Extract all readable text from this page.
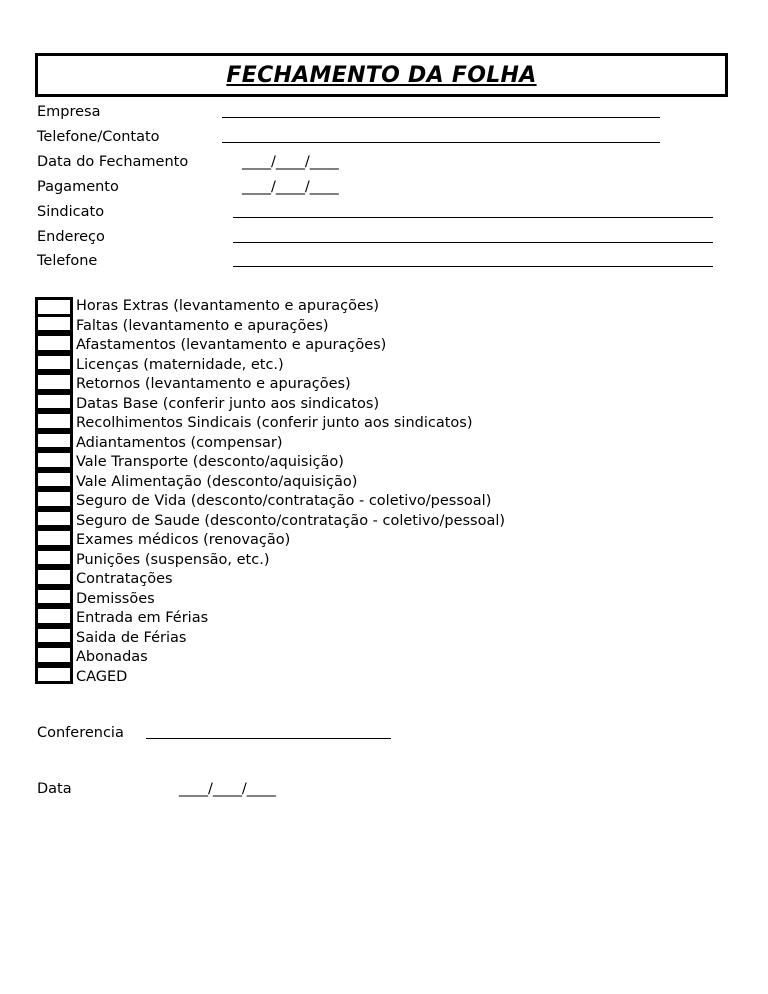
FECHAMENTO DA FOLHA
Empresa
Telefone/Contato
Data do Fechamento	____/____/____
Pagamento	____/____/____
Sindicato
Endereço
Telefone
Horas Extras (levantamento e apurações)
Faltas (levantamento e apurações)
Afastamentos (levantamento e apurações)
Licenças (maternidade, etc.)
Retornos (levantamento e apurações)
Datas Base (conferir junto aos sindicatos)
Recolhimentos Sindicais (conferir junto aos sindicatos)
Adiantamentos (compensar)
Vale Transporte (desconto/aquisição)
Vale Alimentação (desconto/aquisição)
Seguro de Vida (desconto/contratação - coletivo/pessoal)
Seguro de Saude (desconto/contratação - coletivo/pessoal)
Exames médicos (renovação)
Punições (suspensão, etc.)
Contratações
Demissões
Entrada em Férias
Saida de Férias
Abonadas
CAGED
Conferencia
Data	____/____/____
